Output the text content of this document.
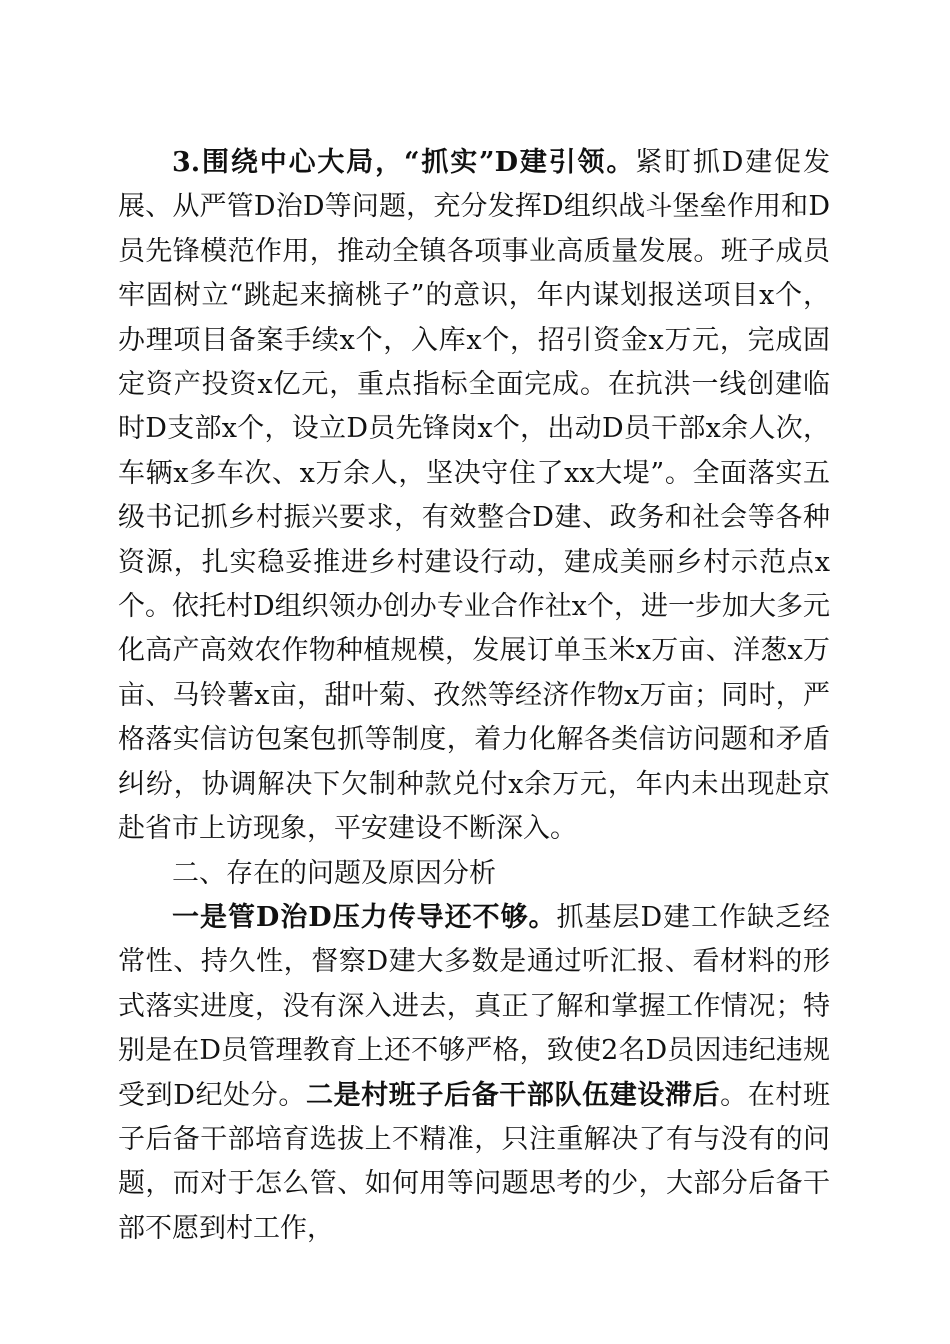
3.围绕中心大局，“抓实”D建引领。紧盯抓D建促发展、从严管D治D等问题，充分发挥D组织战斗堡垒作用和D员先锋模范作用，推动全镇各项事业高质量发展。班子成员牢固树立“跳起来摘桃子”的意识，年内谋划报送项目x个，办理项目备案手续x个，入库x个，招引资金x万元，完成固定资产投资x亿元，重点指标全面完成。在抗洪一线创建临时D支部x个，设立D员先锋岗x个，出动D员干部x余人次，车辆x多车次、x万余人，坚决守住了xx大堤”。全面落实五级书记抓乡村振兴要求，有效整合D建、政务和社会等各种资源，扎实稳妥推进乡村建设行动，建成美丽乡村示范点x个。依托村D组织领办创办专业合作社x个，进一步加大多元化高产高效农作物种植规模，发展订单玉米x万亩、洋葱x万亩、马铃薯x亩，甜叶菊、孜然等经济作物x万亩；同时，严格落实信访包案包抓等制度，着力化解各类信访问题和矛盾纠纷，协调解决下欠制种款兑付x余万元，年内未出现赴京赴省市上访现象，平安建设不断深入。

二、存在的问题及原因分析

一是管D治D压力传导还不够。抓基层D建工作缺乏经常性、持久性，督察D建大多数是通过听汇报、看材料的形式落实进度，没有深入进去，真正了解和掌握工作情况；特别是在D员管理教育上还不够严格，致使2名D员因违纪违规受到D纪处分。二是村班子后备干部队伍建设滞后。在村班子后备干部培育选拔上不精准，只注重解决了有与没有的问题，而对于怎么管、如何用等问题思考的少，大部分后备干部不愿到村工作，
